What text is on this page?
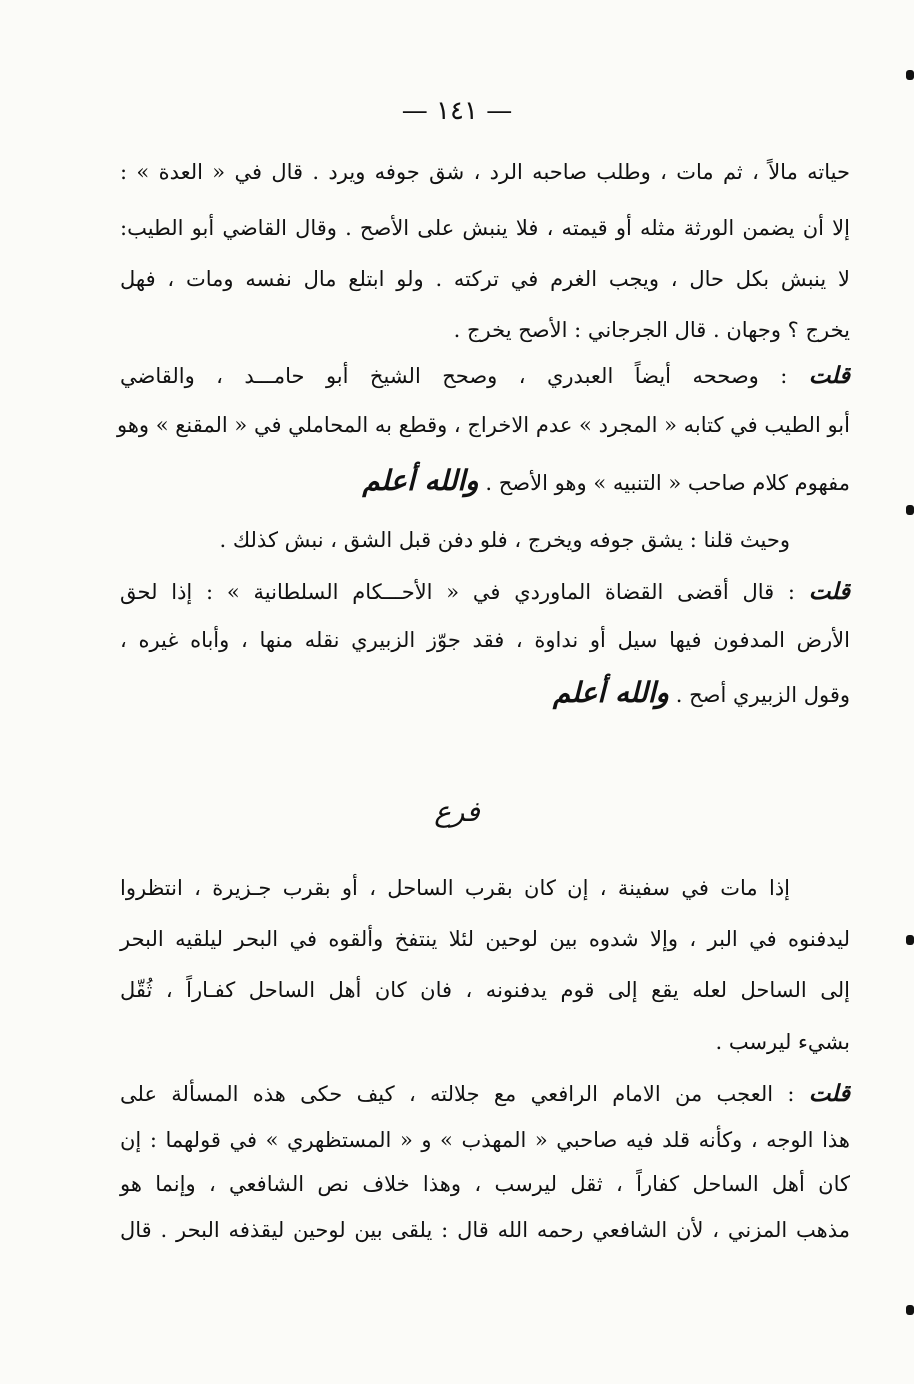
— ١٤١ —
حياته مالاً ، ثم مات ، وطلب صاحبه الرد ، شق جوفه ويرد . قال في « العدة » :
إلا أن يضمن الورثة مثله أو قيمته ، فلا ينبش على الأصح . وقال القاضي أبو الطيب:
لا ينبش بكل حال ، ويجب الغرم في تركته . ولو ابتلع مال نفسه ومات ، فهل
يخرج ؟ وجهان . قال الجرجاني : الأصح يخرج .
قلت : وصححه أيضاً العبدري ، وصحح الشيخ أبو حامـــد ، والقاضي
أبو الطيب في كتابه « المجرد » عدم الاخراج ، وقطع به المحاملي في « المقنع » وهو
مفهوم كلام صاحب « التنبيه » وهو الأصح . والله أعلم
وحيث قلنا : يشق جوفه ويخرج ، فلو دفن قبل الشق ، نبش كذلك .
قلت : قال أقضى القضاة الماوردي في « الأحـــكام السلطانية » : إذا لحق
الأرض المدفون فيها سيل أو نداوة ، فقد جوّز الزبيري نقله منها ، وأباه غيره ،
وقول الزبيري أصح . والله أعلم
فرع
إذا مات في سفينة ، إن كان بقرب الساحل ، أو بقرب جـزيرة ، انتظروا
ليدفنوه في البر ، وإلا شدوه بين لوحين لئلا ينتفخ وألقوه في البحر ليلقيه البحر
إلى الساحل لعله يقع إلى قوم يدفنونه ، فان كان أهل الساحل كفـاراً ، ثُقّل
بشيء ليرسب .
قلت : العجب من الامام الرافعي مع جلالته ، كيف حكى هذه المسألة على
هذا الوجه ، وكأنه قلد فيه صاحبي « المهذب » و « المستظهري » في قولهما : إن
كان أهل الساحل كفاراً ، ثقل ليرسب ، وهذا خلاف نص الشافعي ، وإنما هو
مذهب المزني ، لأن الشافعي رحمه الله قال : يلقى بين لوحين ليقذفه البحر . قال
